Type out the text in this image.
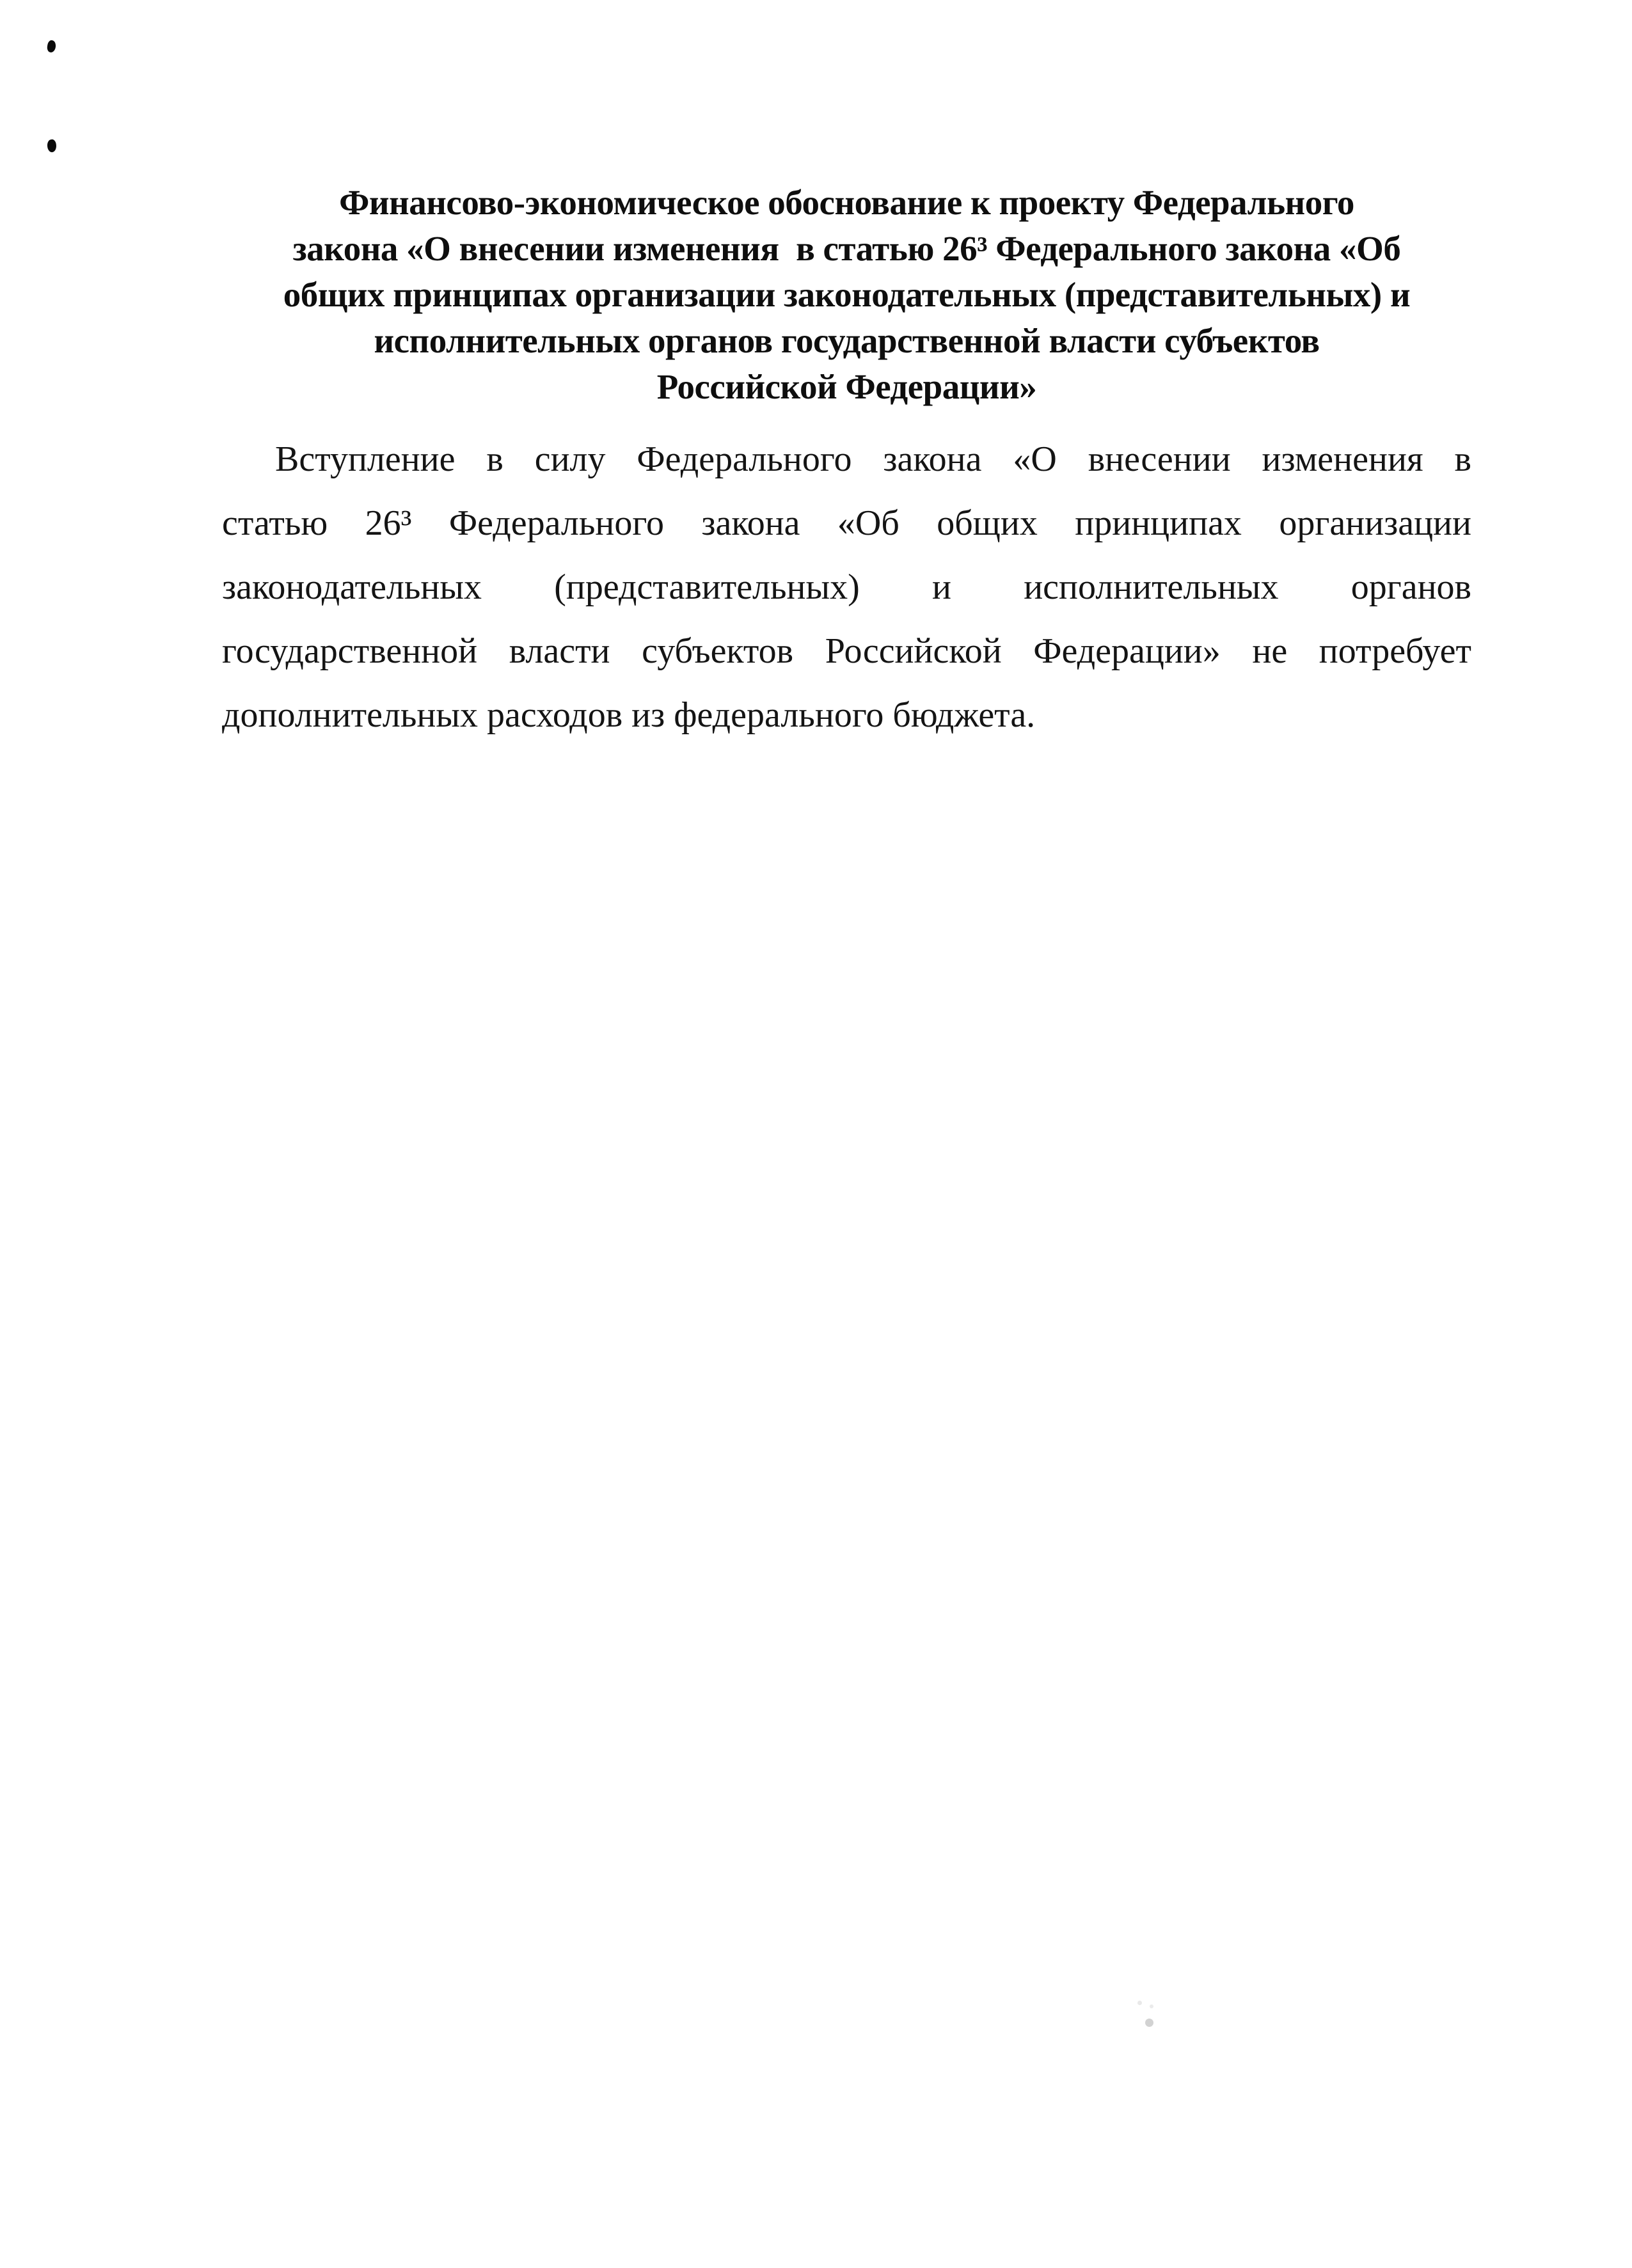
Финансово-экономическое обоснование к проекту Федерального
закона «О внесении изменения  в статью 26³ Федерального закона «Об
общих принципах организации законодательных (представительных) и
исполнительных органов государственной власти субъектов
Российской Федерации»
Вступление в силу Федерального закона «О внесении изменения в
статью 26³ Федерального закона «Об общих принципах организации
законодательных (представительных) и исполнительных органов
государственной власти субъектов Российской Федерации» не потребует
дополнительных расходов из федерального бюджета.
